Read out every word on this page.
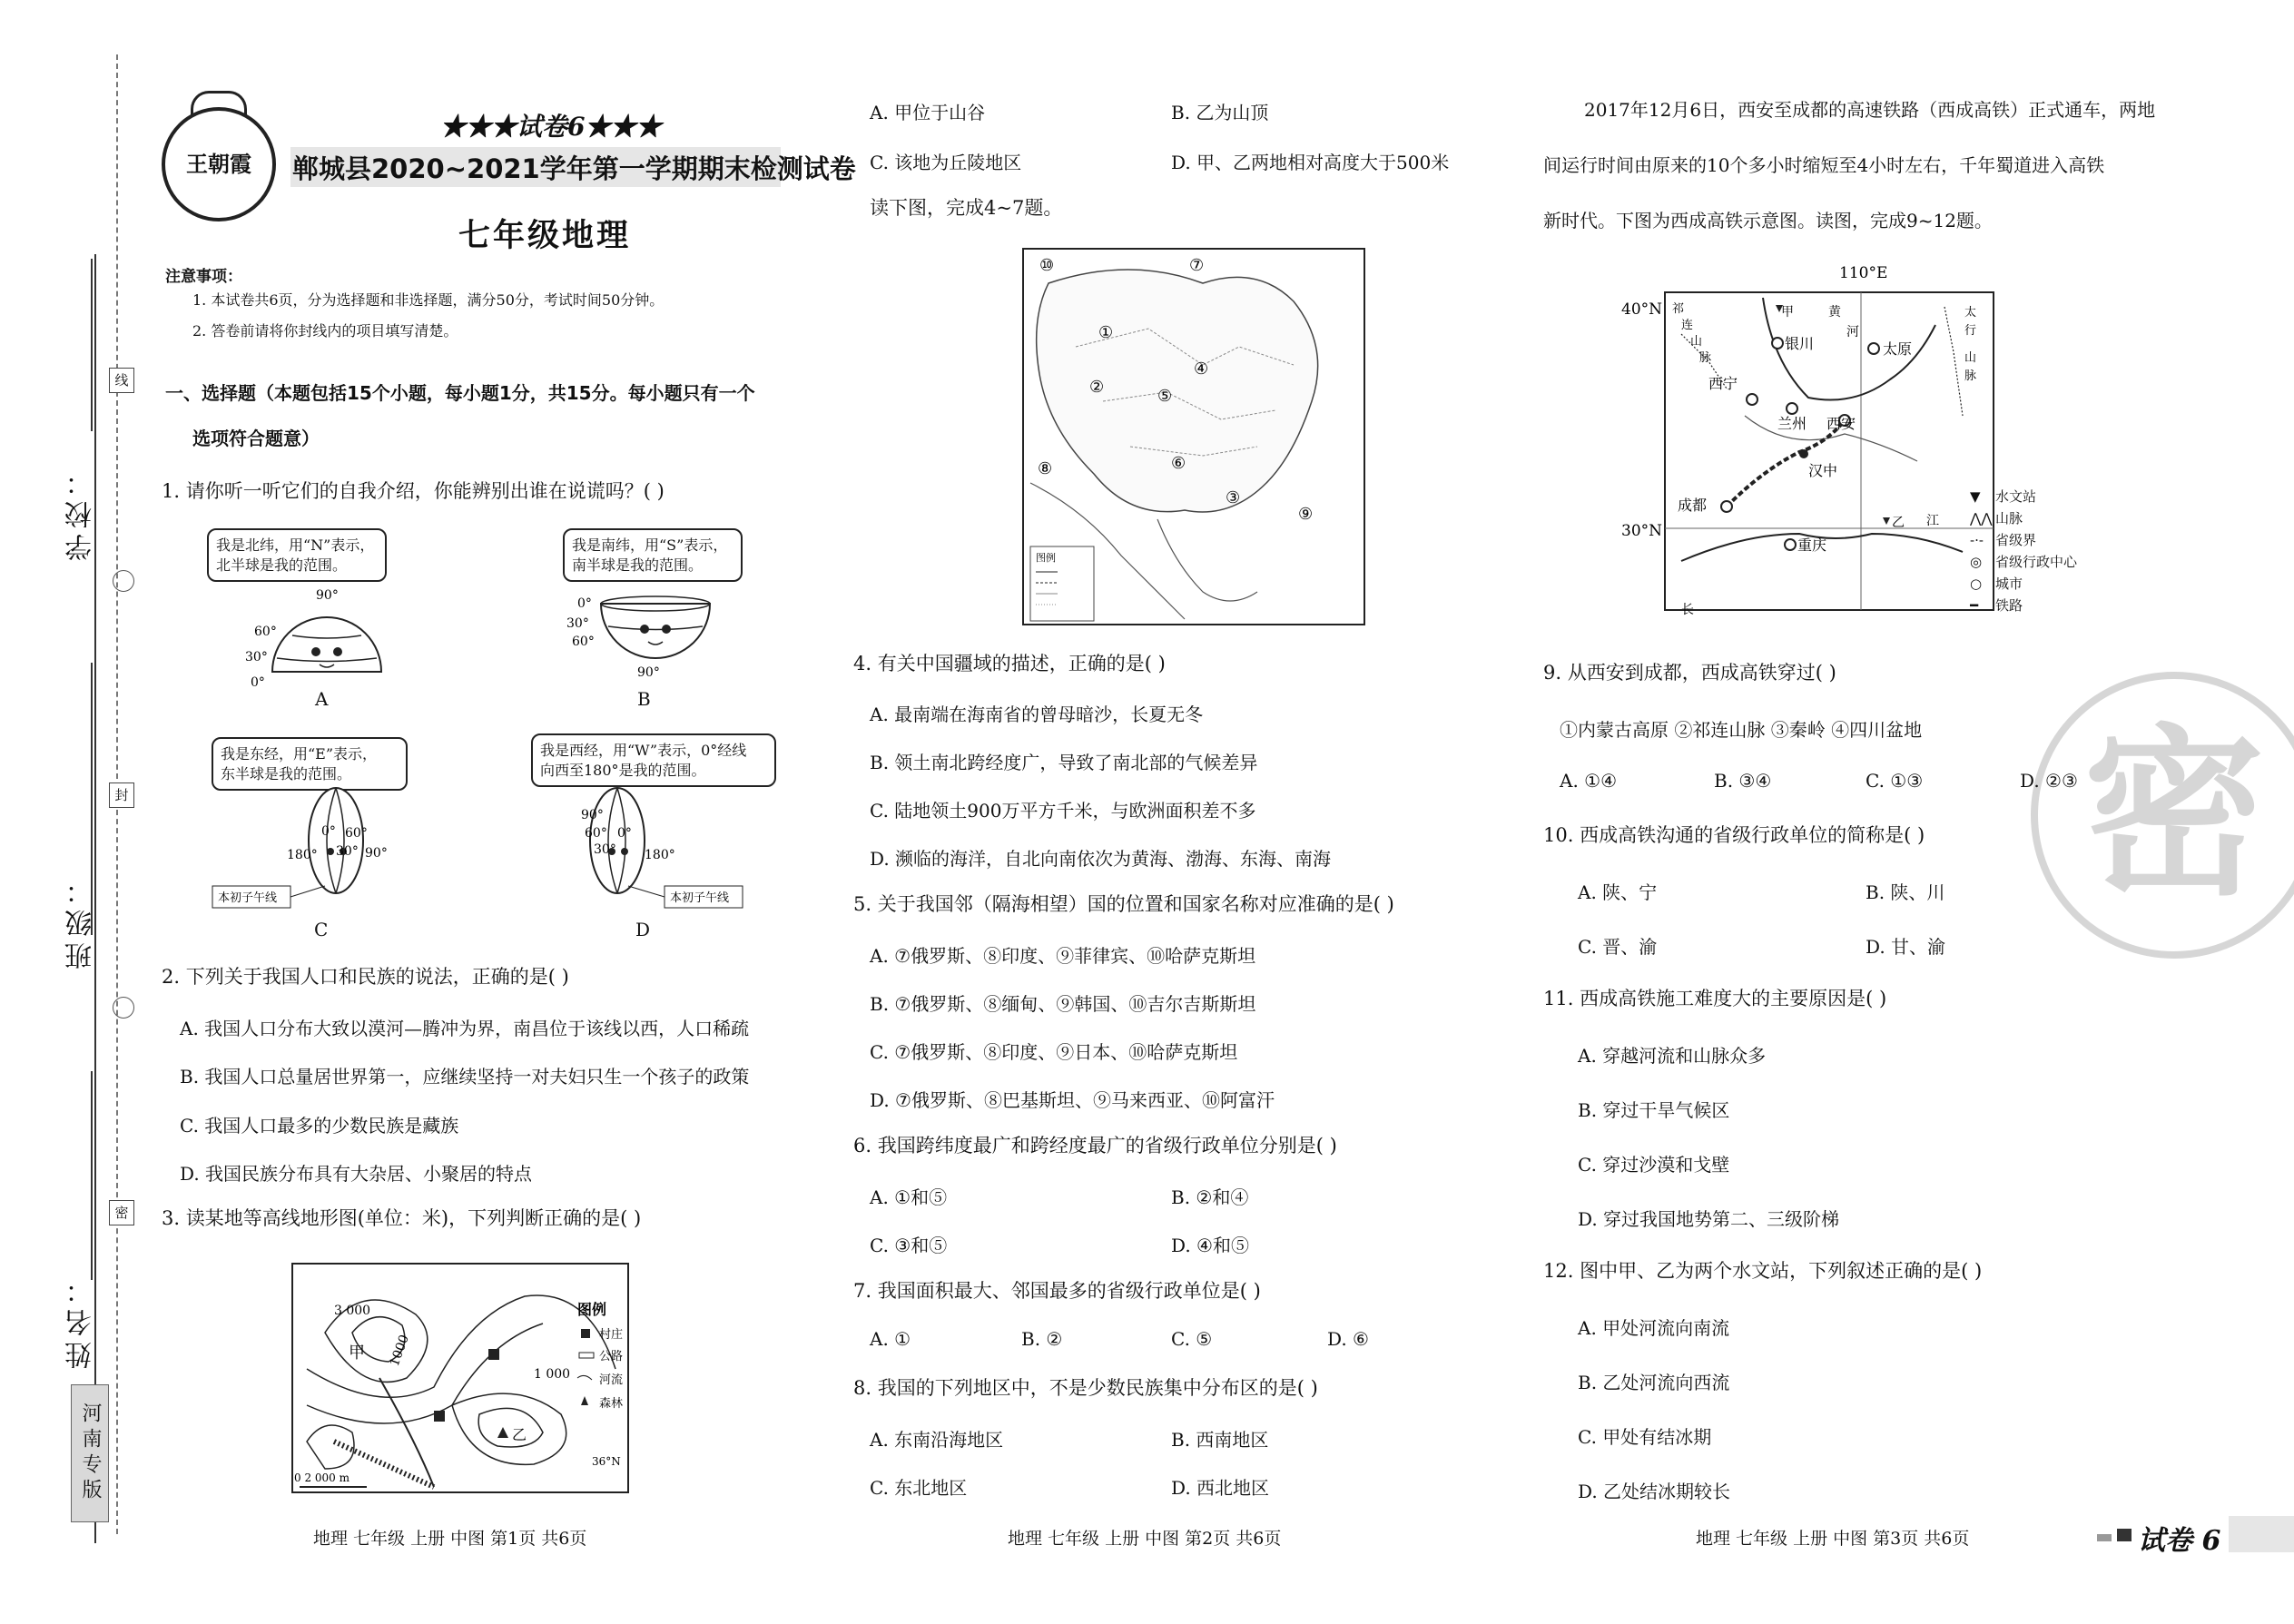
学校：
班级：
姓名：
线
封
密
河南专版
王朝霞
★★★试卷6★★★
郸城县2020~2021学年第一学期期末检测试卷
七年级地理
注意事项：
1. 本试卷共6页，分为选择题和非选择题，满分50分，考试时间50分钟。
2. 答卷前请将你封线内的项目填写清楚。
一、选择题（本题包括15个小题，每小题1分，共15分。每小题只有一个
选项符合题意）
1. 请你听一听它们的自我介绍，你能辨别出谁在说谎吗？( )
我是北纬，用“N”表示，
北半球是我的范围。
90°
60°
30°
0°
A
我是南纬，用“S”表示，
南半球是我的范围。
0°
30°
60°
90°
B
我是东经，用“E”表示，
东半球是我的范围。
0° 60°
30° 90°
180°
本初子午线
C
我是西经，用“W”表示，0°经线
向西至180°是我的范围。
90°
60°
30°
0°
180°
本初子午线
D
2. 下列关于我国人口和民族的说法，正确的是( )
A. 我国人口分布大致以漠河—腾冲为界，南昌位于该线以西，人口稀疏
B. 我国人口总量居世界第一，应继续坚持一对夫妇只生一个孩子的政策
C. 我国人口最多的少数民族是藏族
D. 我国民族分布具有大杂居、小聚居的特点
3. 读某地等高线地形图(单位：米)，下列判断正确的是( )
3 000
甲 1000
1 000
乙
36°N
0 2 000 m
图例
村庄
公路
河流
森林
地理 七年级 上册 中图 第1页 共6页
A. 甲位于山谷	B. 乙为山顶
C. 该地为丘陵地区	D. 甲、乙两地相对高度大于500米
读下图，完成4~7题。
图例
⑩	⑦
①
②
④
⑤
⑥
③
⑧
⑨
4. 有关中国疆域的描述，正确的是( )
A. 最南端在海南省的曾母暗沙，长夏无冬
B. 领土南北跨经度广，导致了南北部的气候差异
C. 陆地领土900万平方千米，与欧洲面积差不多
D. 濒临的海洋，自北向南依次为黄海、渤海、东海、南海
5. 关于我国邻（隔海相望）国的位置和国家名称对应准确的是( )
A. ⑦俄罗斯、⑧印度、⑨菲律宾、⑩哈萨克斯坦
B. ⑦俄罗斯、⑧缅甸、⑨韩国、⑩吉尔吉斯斯坦
C. ⑦俄罗斯、⑧印度、⑨日本、⑩哈萨克斯坦
D. ⑦俄罗斯、⑧巴基斯坦、⑨马来西亚、⑩阿富汗
6. 我国跨纬度最广和跨经度最广的省级行政单位分别是( )
A. ①和⑤	B. ②和④
C. ③和⑤	D. ④和⑤
7. 我国面积最大、邻国最多的省级行政单位是( )
A. ①	B. ②	C. ⑤	D. ⑥
8. 我国的下列地区中，不是少数民族集中分布区的是( )
A. 东南沿海地区	B. 西南地区
C. 东北地区	D. 西北地区
地理 七年级 上册 中图 第2页 共6页
密
2017年12月6日，西安至成都的高速铁路（西成高铁）正式通车，两地
间运行时间由原来的10个多小时缩短至4小时左右，千年蜀道进入高铁
新时代。下图为西成高铁示意图。读图，完成9~12题。
110°E
40°N
30°N
银川	太原
西宁
兰州 西安
汉中
成都
重庆
甲
乙 江
长
黄
河
祁
连
山
脉
太
行
山
脉
▼ 水文站
⋀⋀ 山脉
-·- 省级界
◎ 省级行政中心
○ 城市
━ 铁路
9. 从西安到成都，西成高铁穿过( )
①内蒙古高原 ②祁连山脉 ③秦岭 ④四川盆地
A. ①④	B. ③④	C. ①③	D. ②③
10. 西成高铁沟通的省级行政单位的简称是( )
A. 陕、宁	B. 陕、川
C. 晋、渝	D. 甘、渝
11. 西成高铁施工难度大的主要原因是( )
A. 穿越河流和山脉众多
B. 穿过干旱气候区
C. 穿过沙漠和戈壁
D. 穿过我国地势第二、三级阶梯
12. 图中甲、乙为两个水文站，下列叙述正确的是( )
A. 甲处河流向南流
B. 乙处河流向西流
C. 甲处有结冰期
D. 乙处结冰期较长
地理 七年级 上册 中图 第3页 共6页	试卷 6
